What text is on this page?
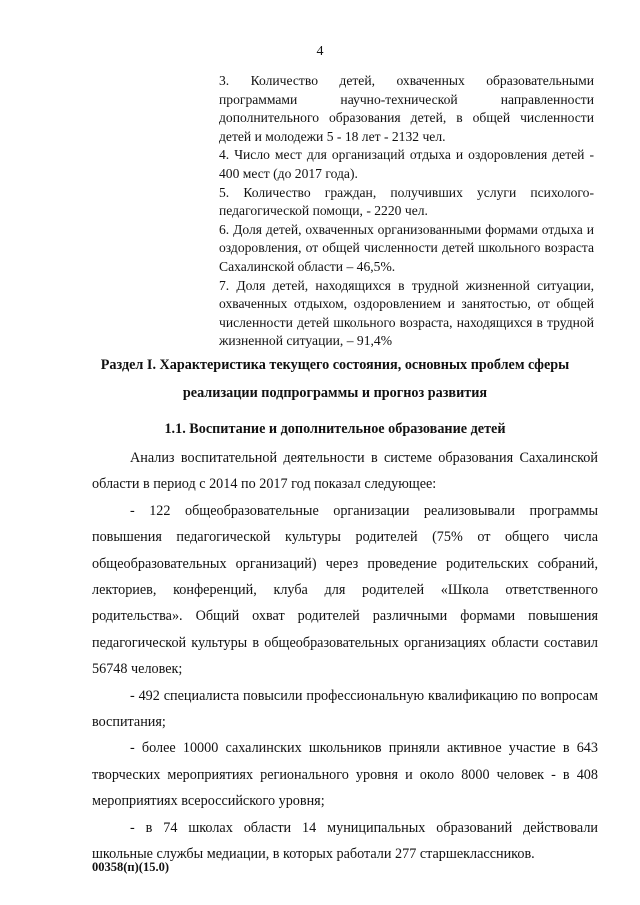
4

3. Количество детей, охваченных образовательными программами научно-технической направленности дополнительного образования детей, в общей численности детей и молодежи 5 - 18 лет - 2132 чел.

4. Число мест для организаций отдыха и оздоровления детей - 400 мест (до 2017 года).

5. Количество граждан, получивших услуги психолого-педагогической помощи, - 2220 чел.

6. Доля детей, охваченных организованными формами отдыха и оздоровления, от общей численности детей школьного возраста Сахалинской области – 46,5%.

7. Доля детей, находящихся в трудной жизненной ситуации, охваченных отдыхом, оздоровлением и занятостью, от общей численности детей школьного возраста, находящихся в трудной жизненной ситуации, – 91,4%

Раздел I. Характеристика текущего состояния, основных проблем сферы реализации подпрограммы и прогноз развития
1.1. Воспитание и дополнительное образование детей

Анализ воспитательной деятельности в системе образования Сахалинской области в период с 2014 по 2017 год показал следующее:

- 122 общеобразовательные организации реализовывали программы повышения педагогической культуры родителей (75% от общего числа общеобразовательных организаций) через проведение родительских собраний, лекториев, конференций, клуба для родителей «Школа ответственного родительства». Общий охват родителей различными формами повышения педагогической культуры в общеобразовательных организациях области составил 56748 человек;

- 492 специалиста повысили профессиональную квалификацию по вопросам воспитания;

- более 10000 сахалинских школьников приняли активное участие в 643 творческих мероприятиях регионального уровня и около 8000 человек - в 408 мероприятиях всероссийского уровня;

- в 74 школах области 14 муниципальных образований действовали школьные службы медиации, в которых работали 277 старшеклассников.

00358(п)(15.0)
